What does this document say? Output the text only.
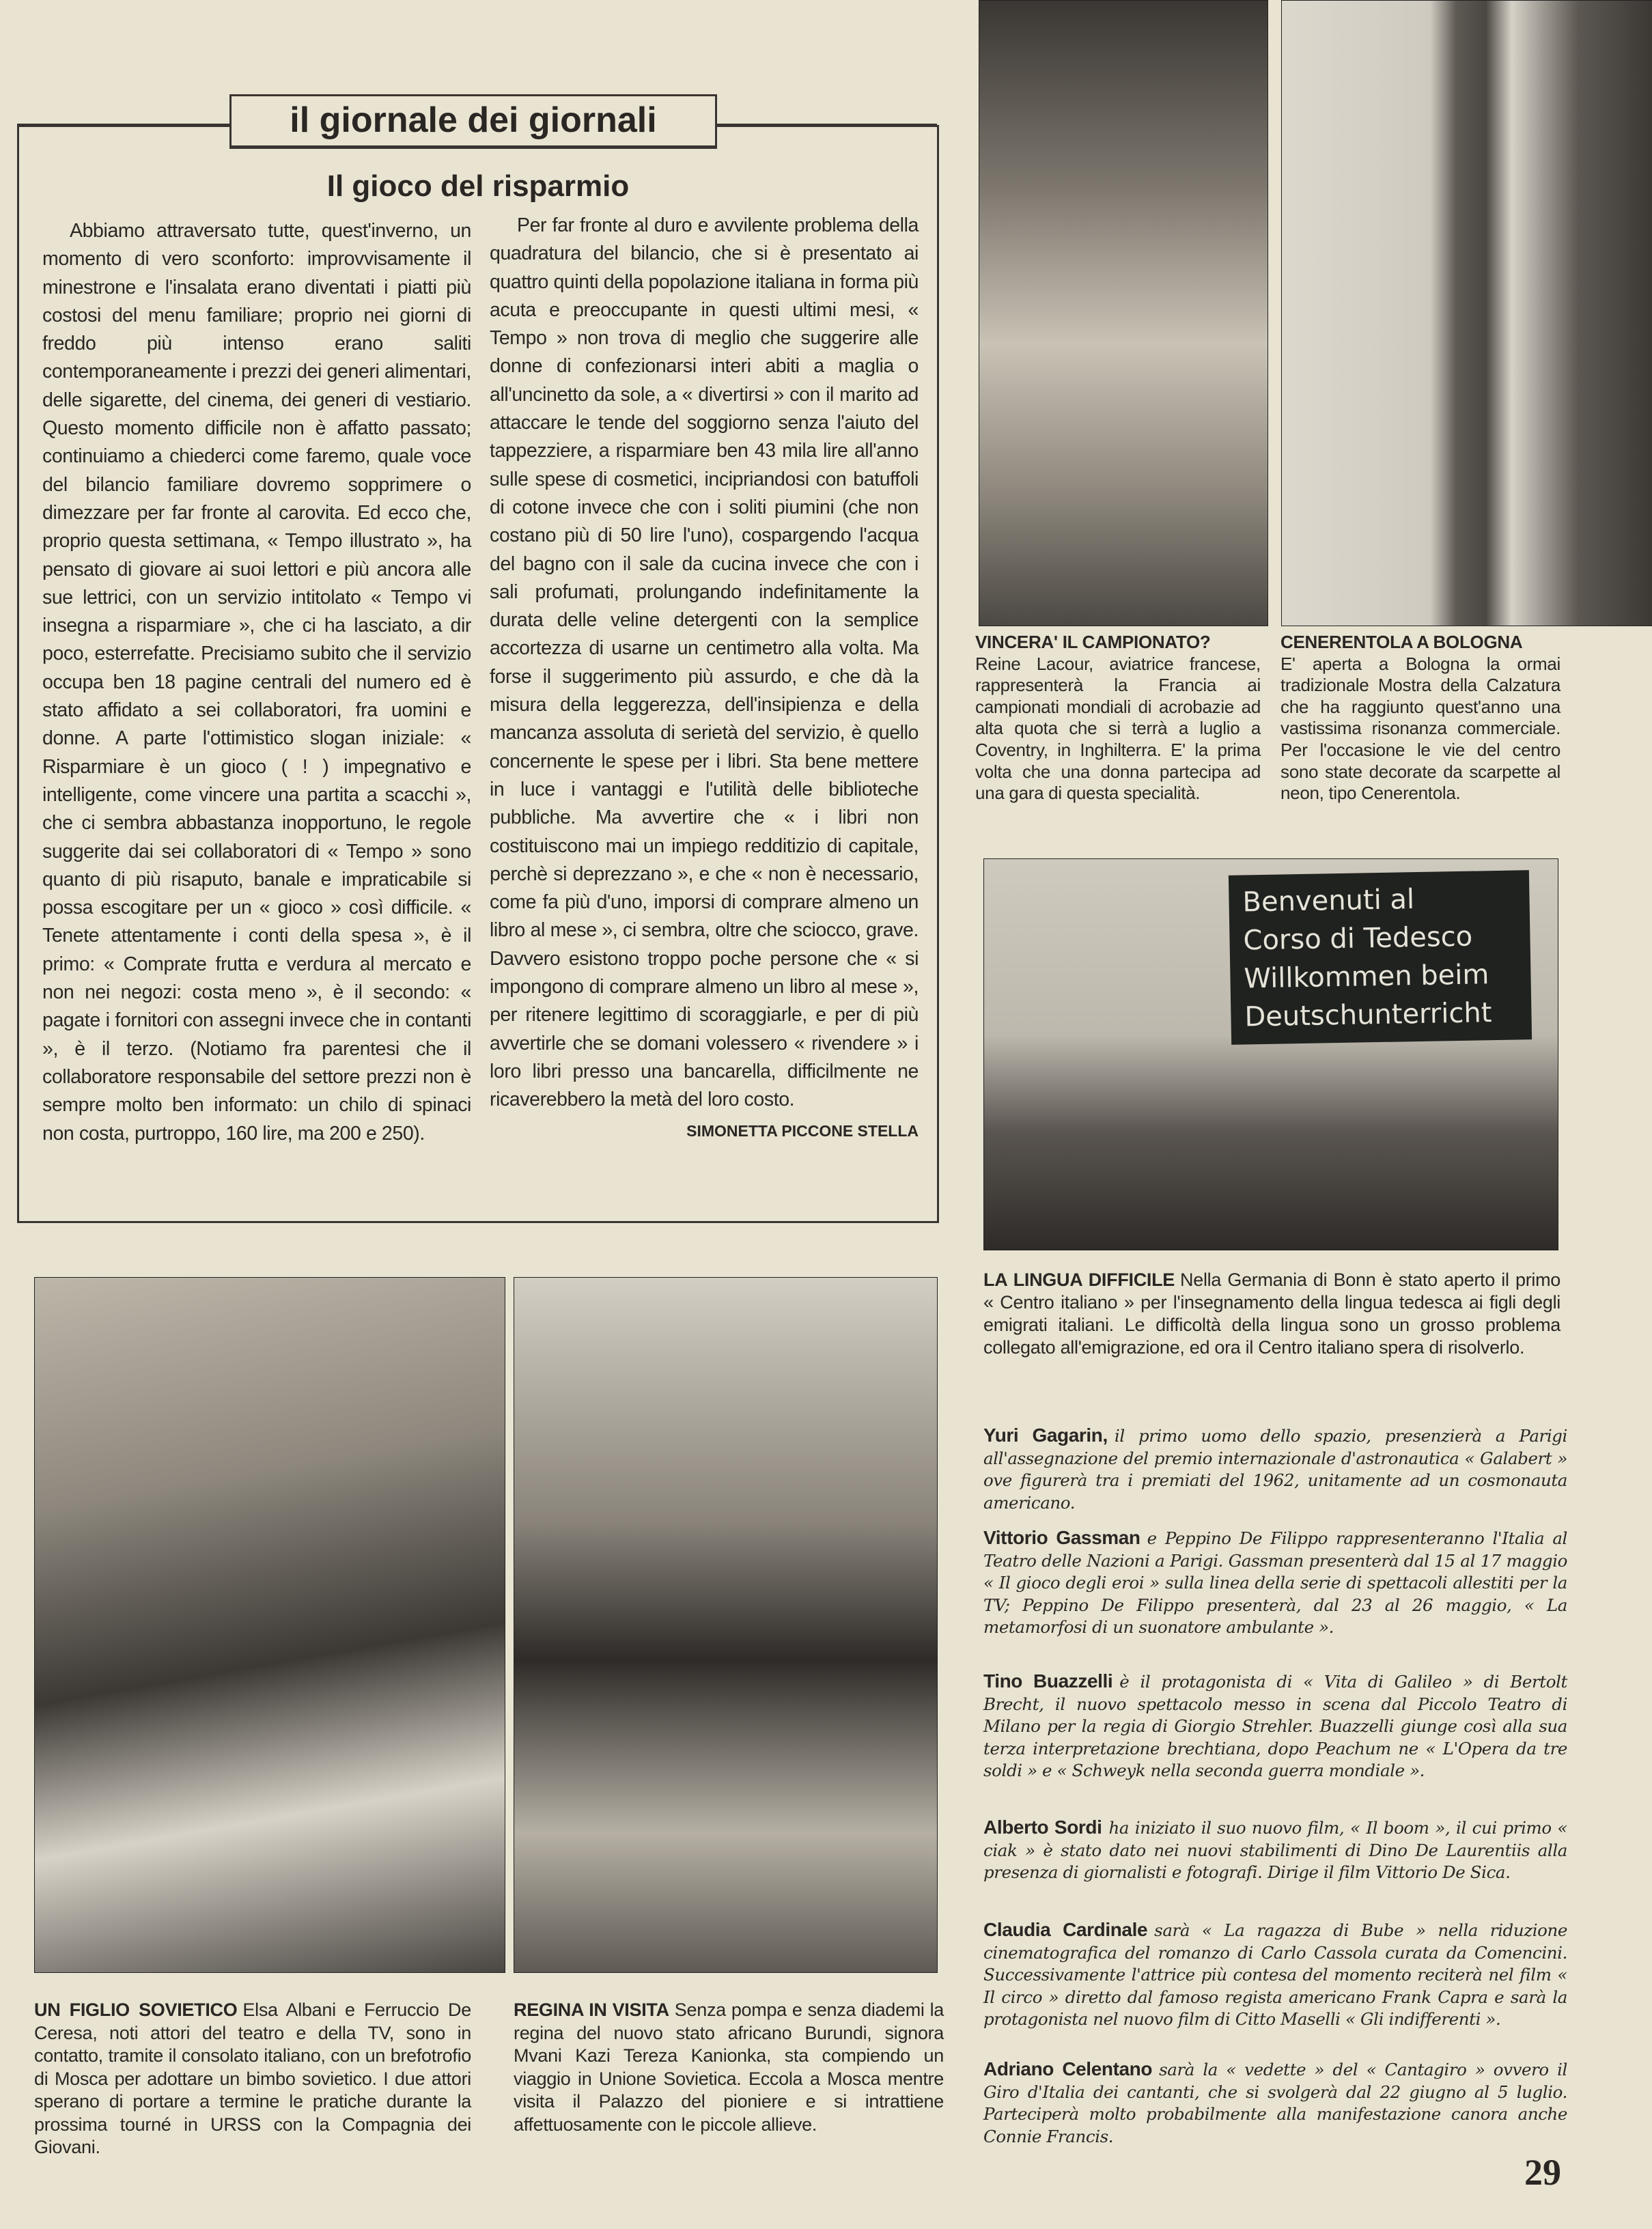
il giornale dei giornali
Il gioco del risparmio

Abbiamo attraversato tutte, quest'inverno, un momento di vero sconforto: improvvisamente il minestrone e l'insalata erano diventati i piatti più costosi del menu familiare; proprio nei giorni di freddo più intenso erano saliti contemporaneamente i prezzi dei generi alimentari, delle sigarette, del cinema, dei generi di vestiario. Questo momento difficile non è affatto passato; continuiamo a chiederci come faremo, quale voce del bilancio familiare dovremo sopprimere o dimezzare per far fronte al carovita. Ed ecco che, proprio questa settimana, « Tempo illustrato », ha pensato di giovare ai suoi lettori e più ancora alle sue lettrici, con un servizio intitolato « Tempo vi insegna a risparmiare », che ci ha lasciato, a dir poco, esterrefatte. Precisiamo subito che il servizio occupa ben 18 pagine centrali del numero ed è stato affidato a sei collaboratori, fra uomini e donne. A parte l'ottimistico slogan iniziale: « Risparmiare è un gioco ( ! ) impegnativo e intelligente, come vincere una partita a scacchi », che ci sembra abbastanza inopportuno, le regole suggerite dai sei collaboratori di « Tempo » sono quanto di più risaputo, banale e impraticabile si possa escogitare per un « gioco » così difficile. « Tenete attentamente i conti della spesa », è il primo: « Comprate frutta e verdura al mercato e non nei negozi: costa meno », è il secondo: « pagate i fornitori con assegni invece che in contanti », è il terzo. (Notiamo fra parentesi che il collaboratore responsabile del settore prezzi non è sempre molto ben informato: un chilo di spinaci non costa, purtroppo, 160 lire, ma 200 e 250).

Per far fronte al duro e avvilente problema della quadratura del bilancio, che si è presentato ai quattro quinti della popolazione italiana in forma più acuta e preoccupante in questi ultimi mesi, « Tempo » non trova di meglio che suggerire alle donne di confezionarsi interi abiti a maglia o all'uncinetto da sole, a « divertirsi » con il marito ad attaccare le tende del soggiorno senza l'aiuto del tappezziere, a risparmiare ben 43 mila lire all'anno sulle spese di cosmetici, incipriandosi con batuffoli di cotone invece che con i soliti piumini (che non costano più di 50 lire l'uno), cospargendo l'acqua del bagno con il sale da cucina invece che con i sali profumati, prolungando indefinitamente la durata delle veline detergenti con la semplice accortezza di usarne un centimetro alla volta. Ma forse il suggerimento più assurdo, e che dà la misura della leggerezza, dell'insipienza e della mancanza assoluta di serietà del servizio, è quello concernente le spese per i libri. Sta bene mettere in luce i vantaggi e l'utilità delle biblioteche pubbliche. Ma avvertire che « i libri non costituiscono mai un impiego redditizio di capitale, perchè si deprezzano », e che « non è necessario, come fa più d'uno, imporsi di comprare almeno un libro al mese », ci sembra, oltre che sciocco, grave. Davvero esistono troppo poche persone che « si impongono di comprare almeno un libro al mese », per ritenere legittimo di scoraggiarle, e per di più avvertirle che se domani volessero « rivendere » i loro libri presso una bancarella, difficilmente ne ricaverebbero la metà del loro costo.

SIMONETTA PICCONE STELLA
VINCERA' IL CAMPIONATO?
Reine Lacour, aviatrice francese, rappresenterà la Francia ai campionati mondiali di acrobazie ad alta quota che si terrà a luglio a Coventry, in Inghilterra. E' la prima volta che una donna partecipa ad una gara di questa specialità.
CENERENTOLA A BOLOGNA
E' aperta a Bologna la ormai tradizionale Mostra della Calzatura che ha raggiunto quest'anno una vastissima risonanza commerciale. Per l'occasione le vie del centro sono state decorate da scarpette al neon, tipo Cenerentola.
Benvenuti al
Corso di Tedesco
Willkommen beim
Deutschunterricht
LA LINGUA DIFFICILE Nella Germania di Bonn è stato aperto il primo « Centro italiano » per l'insegnamento della lingua tedesca ai figli degli emigrati italiani. Le difficoltà della lingua sono un grosso problema collegato all'emigrazione, ed ora il Centro italiano spera di risolverlo.
UN FIGLIO SOVIETICO Elsa Albani e Ferruccio De Ceresa, noti attori del teatro e della TV, sono in contatto, tramite il consolato italiano, con un brefotrofio di Mosca per adottare un bimbo sovietico. I due attori sperano di portare a termine le pratiche durante la prossima tourné in URSS con la Compagnia dei Giovani.
REGINA IN VISITA Senza pompa e senza diademi la regina del nuovo stato africano Burundi, signora Mvani Kazi Tereza Kanionka, sta compiendo un viaggio in Unione Sovietica. Eccola a Mosca mentre visita il Palazzo del pioniere e si intrattiene affettuosamente con le piccole allieve.
Yuri Gagarin, il primo uomo dello spazio, presenzierà a Parigi all'assegnazione del premio internazionale d'astronautica « Galabert » ove figurerà tra i premiati del 1962, unitamente ad un cosmonauta americano.
Vittorio Gassman e Peppino De Filippo rappresenteranno l'Italia al Teatro delle Nazioni a Parigi. Gassman presenterà dal 15 al 17 maggio « Il gioco degli eroi » sulla linea della serie di spettacoli allestiti per la TV; Peppino De Filippo presenterà, dal 23 al 26 maggio, « La metamorfosi di un suonatore ambulante ».
Tino Buazzelli è il protagonista di « Vita di Galileo » di Bertolt Brecht, il nuovo spettacolo messo in scena dal Piccolo Teatro di Milano per la regia di Giorgio Strehler. Buazzelli giunge così alla sua terza interpretazione brechtiana, dopo Peachum ne « L'Opera da tre soldi » e « Schweyk nella seconda guerra mondiale ».
Alberto Sordi ha iniziato il suo nuovo film, « Il boom », il cui primo « ciak » è stato dato nei nuovi stabilimenti di Dino De Laurentiis alla presenza di giornalisti e fotografi. Dirige il film Vittorio De Sica.
Claudia Cardinale sarà « La ragazza di Bube » nella riduzione cinematografica del romanzo di Carlo Cassola curata da Comencini. Successivamente l'attrice più contesa del momento reciterà nel film « Il circo » diretto dal famoso regista americano Frank Capra e sarà la protagonista nel nuovo film di Citto Maselli « Gli indifferenti ».
Adriano Celentano sarà la « vedette » del « Cantagiro » ovvero il Giro d'Italia dei cantanti, che si svolgerà dal 22 giugno al 5 luglio. Parteciperà molto probabilmente alla manifestazione canora anche Connie Francis.
29
